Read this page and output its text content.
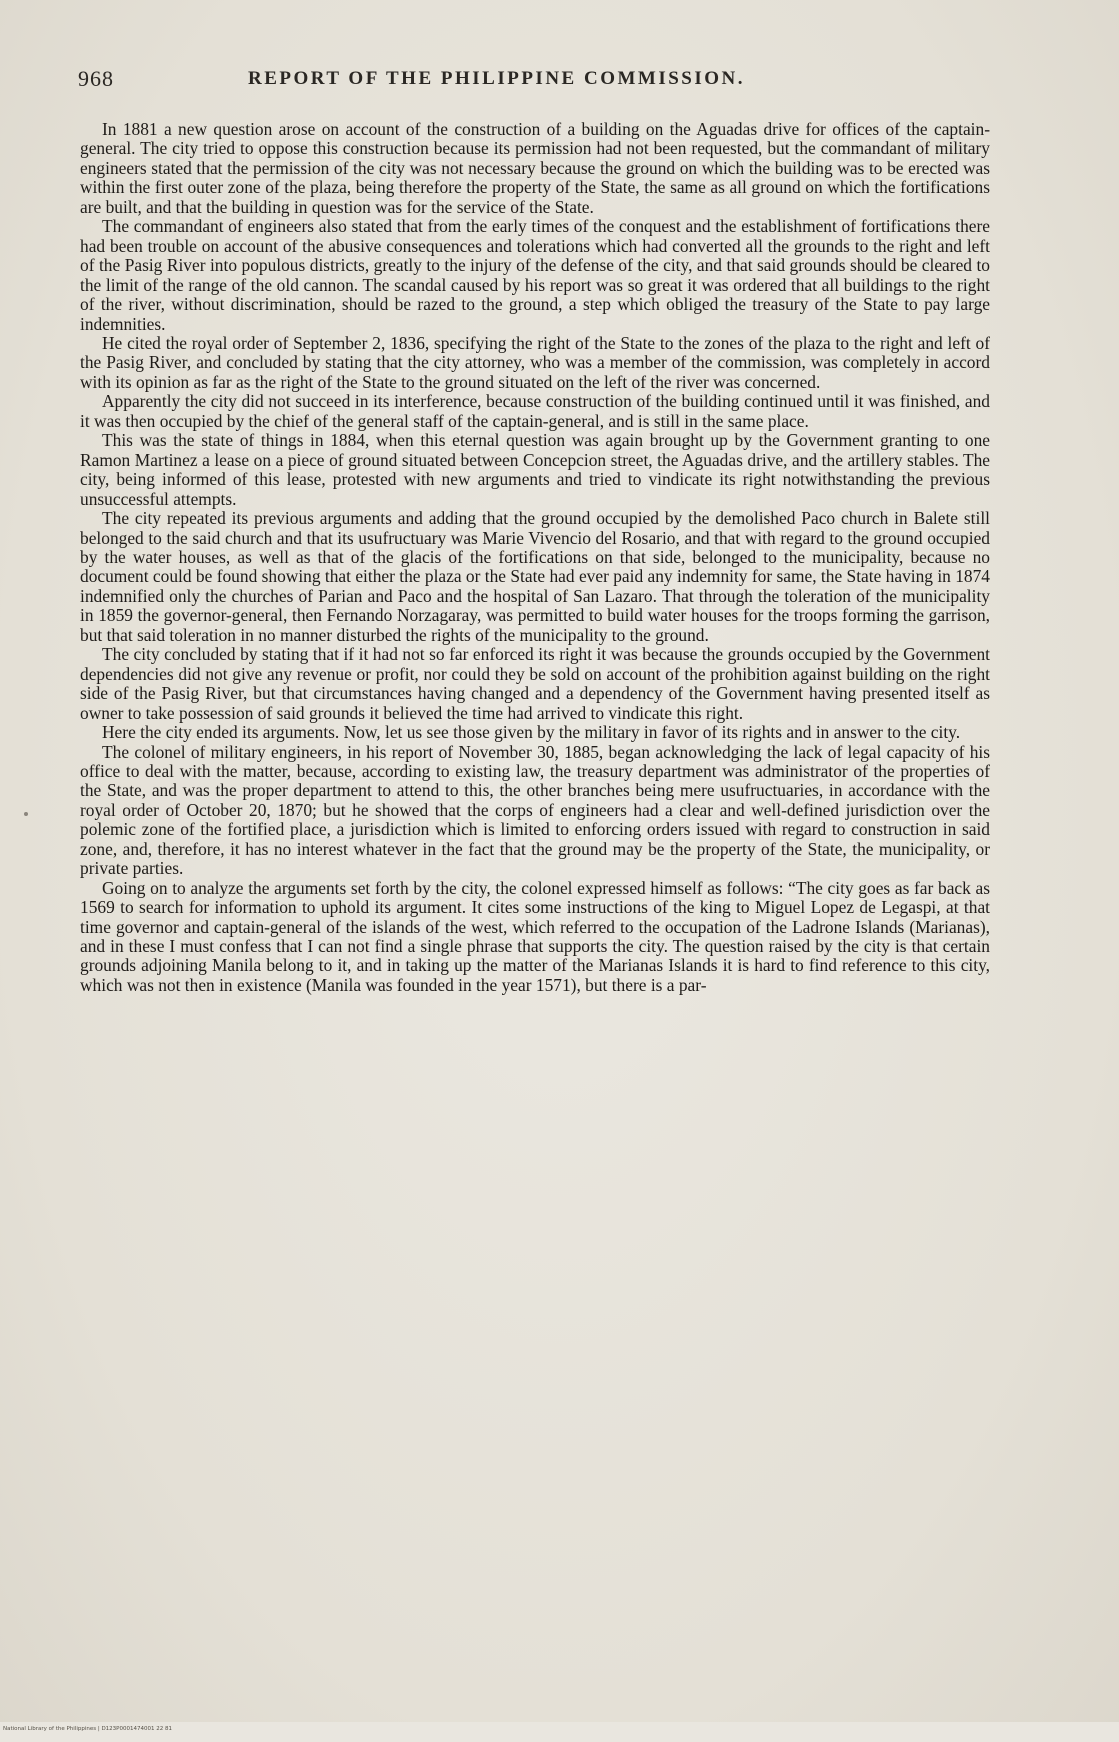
968	REPORT OF THE PHILIPPINE COMMISSION.

In 1881 a new question arose on account of the construction of a building on the Aguadas drive for offices of the captain-general. The city tried to oppose this construction because its permission had not been requested, but the commandant of military engineers stated that the permission of the city was not necessary because the ground on which the building was to be erected was within the first outer zone of the plaza, being therefore the property of the State, the same as all ground on which the fortifications are built, and that the building in question was for the service of the State.

The commandant of engineers also stated that from the early times of the conquest and the establishment of fortifications there had been trouble on account of the abusive consequences and tolerations which had converted all the grounds to the right and left of the Pasig River into populous districts, greatly to the injury of the defense of the city, and that said grounds should be cleared to the limit of the range of the old cannon. The scandal caused by his report was so great it was ordered that all buildings to the right of the river, without discrimination, should be razed to the ground, a step which obliged the treasury of the State to pay large indemnities.

He cited the royal order of September 2, 1836, specifying the right of the State to the zones of the plaza to the right and left of the Pasig River, and concluded by stating that the city attorney, who was a member of the commission, was completely in accord with its opinion as far as the right of the State to the ground situated on the left of the river was concerned.

Apparently the city did not succeed in its interference, because construction of the building continued until it was finished, and it was then occupied by the chief of the general staff of the captain-general, and is still in the same place.

This was the state of things in 1884, when this eternal question was again brought up by the Government granting to one Ramon Martinez a lease on a piece of ground situated between Concepcion street, the Aguadas drive, and the artillery stables. The city, being informed of this lease, protested with new arguments and tried to vindicate its right notwithstanding the previous unsuccessful attempts.

The city repeated its previous arguments and adding that the ground occupied by the demolished Paco church in Balete still belonged to the said church and that its usufructuary was Marie Vivencio del Rosario, and that with regard to the ground occupied by the water houses, as well as that of the glacis of the fortifications on that side, belonged to the municipality, because no document could be found showing that either the plaza or the State had ever paid any indemnity for same, the State having in 1874 indemnified only the churches of Parian and Paco and the hospital of San Lazaro. That through the toleration of the municipality in 1859 the governor-general, then Fernando Norzagaray, was permitted to build water houses for the troops forming the garrison, but that said toleration in no manner disturbed the rights of the municipality to the ground.

The city concluded by stating that if it had not so far enforced its right it was because the grounds occupied by the Government dependencies did not give any revenue or profit, nor could they be sold on account of the prohibition against building on the right side of the Pasig River, but that circumstances having changed and a dependency of the Government having presented itself as owner to take possession of said grounds it believed the time had arrived to vindicate this right.

Here the city ended its arguments. Now, let us see those given by the military in favor of its rights and in answer to the city.

The colonel of military engineers, in his report of November 30, 1885, began acknowledging the lack of legal capacity of his office to deal with the matter, because, according to existing law, the treasury department was administrator of the properties of the State, and was the proper department to attend to this, the other branches being mere usufructuaries, in accordance with the royal order of October 20, 1870; but he showed that the corps of engineers had a clear and well-defined jurisdiction over the polemic zone of the fortified place, a jurisdiction which is limited to enforcing orders issued with regard to construction in said zone, and, therefore, it has no interest whatever in the fact that the ground may be the property of the State, the municipality, or private parties.

Going on to analyze the arguments set forth by the city, the colonel expressed himself as follows: “The city goes as far back as 1569 to search for information to uphold its argument. It cites some instructions of the king to Miguel Lopez de Legaspi, at that time governor and captain-general of the islands of the west, which referred to the occupation of the Ladrone Islands (Marianas), and in these I must confess that I can not find a single phrase that supports the city. The question raised by the city is that certain grounds adjoining Manila belong to it, and in taking up the matter of the Marianas Islands it is hard to find reference to this city, which was not then in existence (Manila was founded in the year 1571), but there is a par-

National Library of the Philippines | D123P0001474001 22 81
